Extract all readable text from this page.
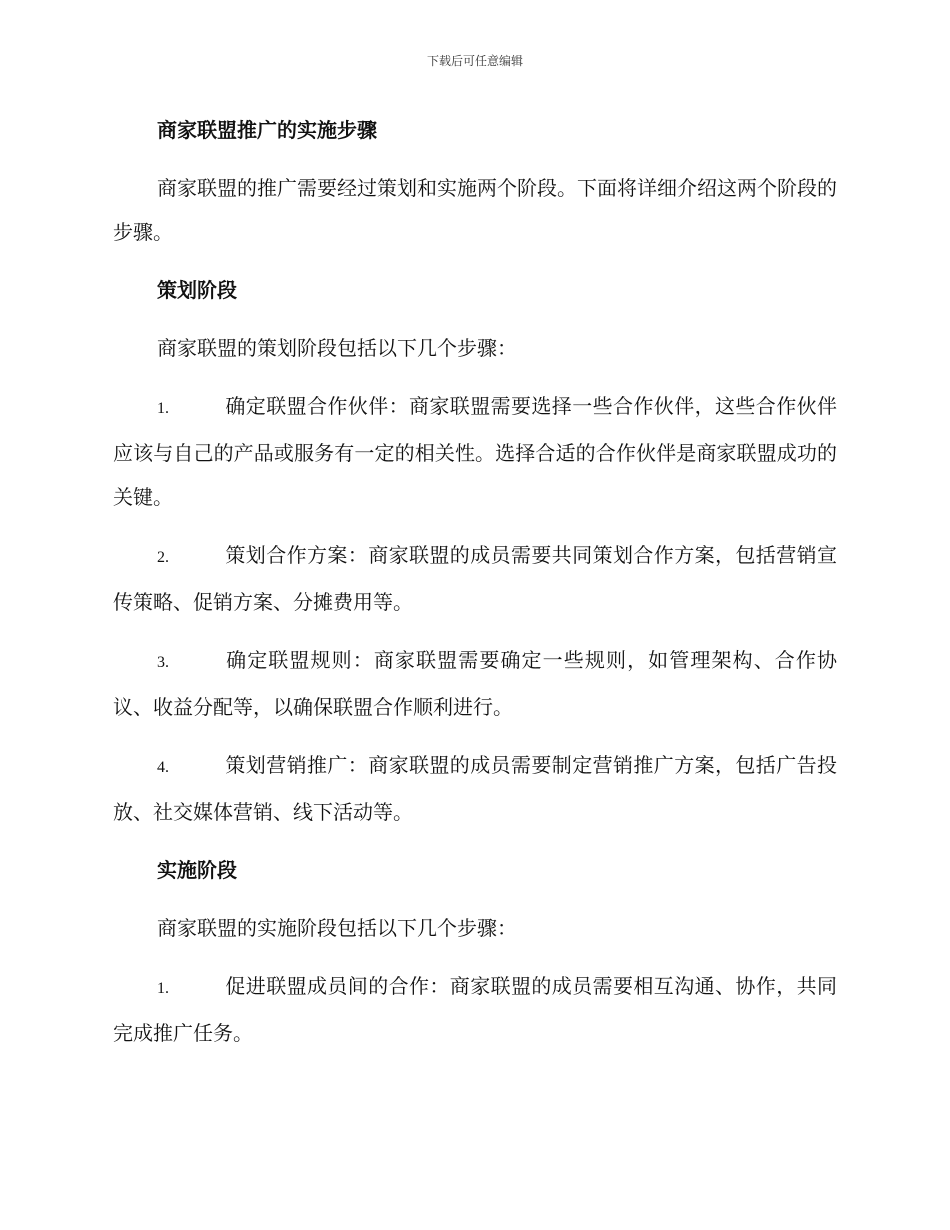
下载后可任意编辑
商家联盟推广的实施步骤
商家联盟的推广需要经过策划和实施两个阶段。下面将详细介绍这两个阶段的步骤。
策划阶段
商家联盟的策划阶段包括以下几个步骤：
1.	确定联盟合作伙伴：商家联盟需要选择一些合作伙伴，这些合作伙伴应该与自己的产品或服务有一定的相关性。选择合适的合作伙伴是商家联盟成功的关键。
2.	策划合作方案：商家联盟的成员需要共同策划合作方案，包括营销宣传策略、促销方案、分摊费用等。
3.	确定联盟规则：商家联盟需要确定一些规则，如管理架构、合作协议、收益分配等，以确保联盟合作顺利进行。
4.	策划营销推广：商家联盟的成员需要制定营销推广方案，包括广告投放、社交媒体营销、线下活动等。
实施阶段
商家联盟的实施阶段包括以下几个步骤：
1.	促进联盟成员间的合作：商家联盟的成员需要相互沟通、协作，共同完成推广任务。
